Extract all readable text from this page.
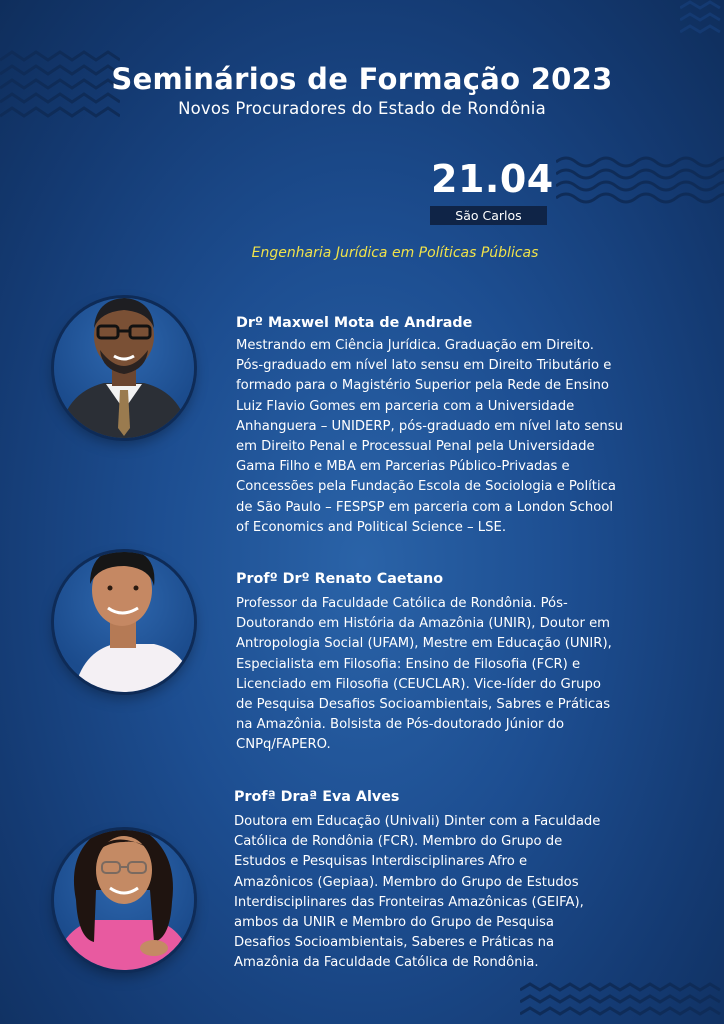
Seminários de Formação 2023
Novos Procuradores do Estado de Rondônia
21.04
São Carlos
Engenharia Jurídica em Políticas Públicas
Drº Maxwel Mota de Andrade
Mestrando em Ciência Jurídica. Graduação em Direito.
Pós-graduado em nível lato sensu em Direito Tributário e
formado para o Magistério Superior pela Rede de Ensino
Luiz Flavio Gomes em parceria com a Universidade
Anhanguera – UNIDERP, pós-graduado em nível lato sensu
em Direito Penal e Processual Penal pela Universidade
Gama Filho e MBA em Parcerias Público-Privadas e
Concessões pela Fundação Escola de Sociologia e Política
de São Paulo – FESPSP em parceria com a London School
of Economics and Political Science – LSE.
Profº Drº Renato Caetano
Professor da Faculdade Católica de Rondônia. Pós-
Doutorando em História da Amazônia (UNIR), Doutor em
Antropologia Social (UFAM), Mestre em Educação (UNIR),
Especialista em Filosofia: Ensino de Filosofia (FCR) e
Licenciado em Filosofia (CEUCLAR). Vice-líder do Grupo
de Pesquisa Desafios Socioambientais, Sabres e Práticas
na Amazônia. Bolsista de Pós-doutorado Júnior do
CNPq/FAPERO.
Profª Draª Eva Alves
Doutora em Educação (Univali) Dinter com a Faculdade
Católica de Rondônia (FCR). Membro do Grupo de
Estudos e Pesquisas Interdisciplinares Afro e
Amazônicos (Gepiaa). Membro do Grupo de Estudos
Interdisciplinares das Fronteiras Amazônicas (GEIFA),
ambos da UNIR e Membro do Grupo de Pesquisa
Desafios Socioambientais, Saberes e Práticas na
Amazônia da Faculdade Católica de Rondônia.
